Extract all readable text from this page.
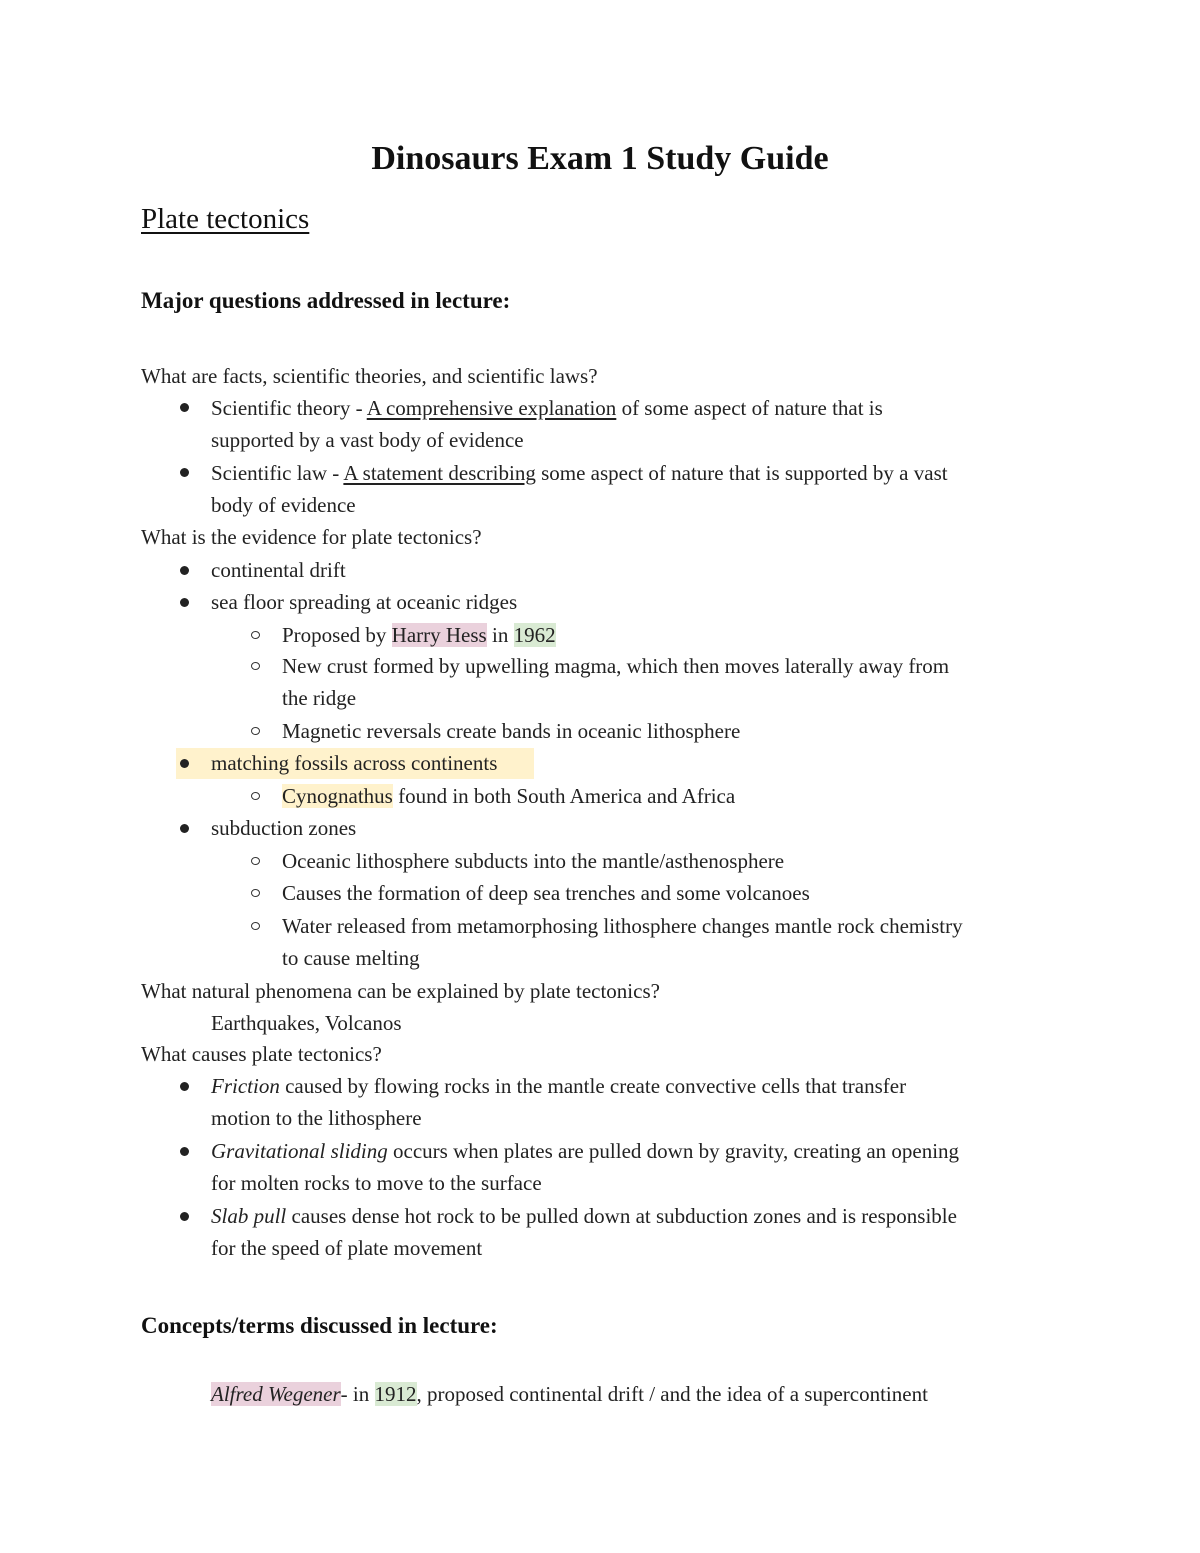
Dinosaurs Exam 1 Study Guide
Plate tectonics
Major questions addressed in lecture:
What are facts, scientific theories, and scientific laws?
Scientific theory - A comprehensive explanation of some aspect of nature that is
supported by a vast body of evidence
Scientific law - A statement describing some aspect of nature that is supported by a vast
body of evidence
What is the evidence for plate tectonics?
continental drift
sea floor spreading at oceanic ridges
Proposed by Harry Hess in 1962
New crust formed by upwelling magma, which then moves laterally away from
the ridge
Magnetic reversals create bands in oceanic lithosphere
matching fossils across continents
Cynognathus found in both South America and Africa
subduction zones
Oceanic lithosphere subducts into the mantle/asthenosphere
Causes the formation of deep sea trenches and some volcanoes
Water released from metamorphosing lithosphere changes mantle rock chemistry
to cause melting
What natural phenomena can be explained by plate tectonics?
Earthquakes, Volcanos
What causes plate tectonics?
Friction caused by flowing rocks in the mantle create convective cells that transfer
motion to the lithosphere
Gravitational sliding occurs when plates are pulled down by gravity, creating an opening
for molten rocks to move to the surface
Slab pull causes dense hot rock to be pulled down at subduction zones and is responsible
for the speed of plate movement
Concepts/terms discussed in lecture:
Alfred Wegener- in 1912, proposed continental drift / and the idea of a supercontinent
